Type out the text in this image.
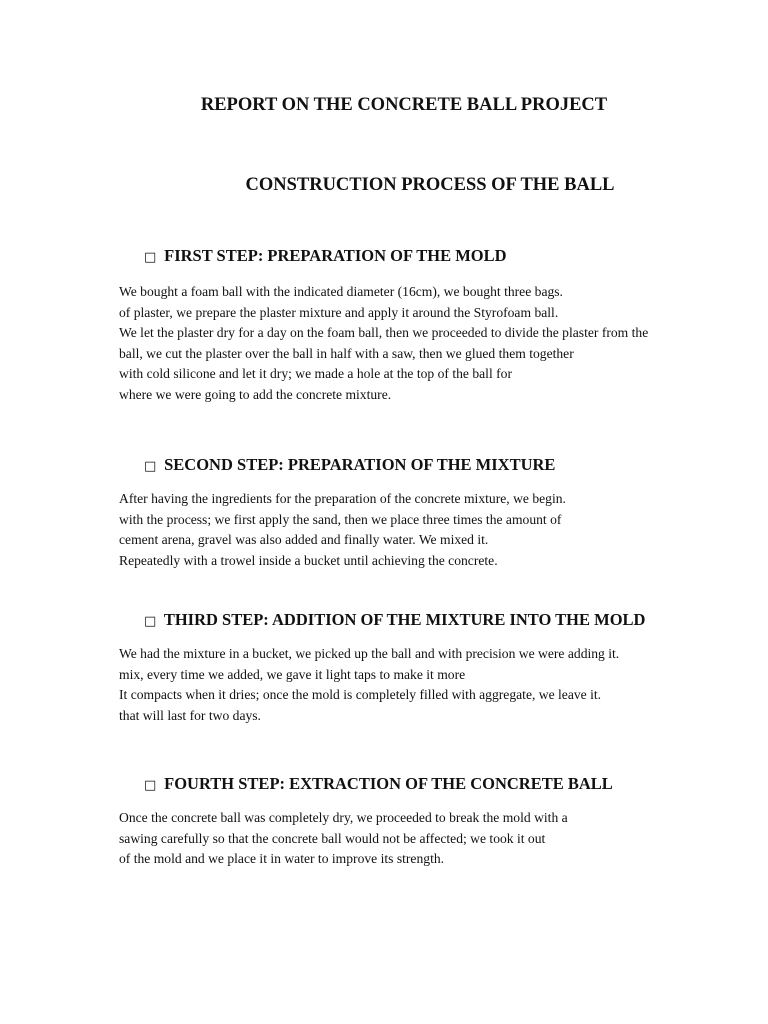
REPORT ON THE CONCRETE BALL PROJECT
CONSTRUCTION PROCESS OF THE BALL
□ FIRST STEP: PREPARATION OF THE MOLD
We bought a foam ball with the indicated diameter (16cm), we bought three bags.
of plaster, we prepare the plaster mixture and apply it around the Styrofoam ball.
We let the plaster dry for a day on the foam ball, then we proceeded to divide the plaster from the
ball, we cut the plaster over the ball in half with a saw, then we glued them together
with cold silicone and let it dry; we made a hole at the top of the ball for
where we were going to add the concrete mixture.
□ SECOND STEP: PREPARATION OF THE MIXTURE
After having the ingredients for the preparation of the concrete mixture, we begin.
with the process; we first apply the sand, then we place three times the amount of
cement arena, gravel was also added and finally water. We mixed it.
Repeatedly with a trowel inside a bucket until achieving the concrete.
□ THIRD STEP: ADDITION OF THE MIXTURE INTO THE MOLD
We had the mixture in a bucket, we picked up the ball and with precision we were adding it.
mix, every time we added, we gave it light taps to make it more
It compacts when it dries; once the mold is completely filled with aggregate, we leave it.
that will last for two days.
□ FOURTH STEP: EXTRACTION OF THE CONCRETE BALL
Once the concrete ball was completely dry, we proceeded to break the mold with a
sawing carefully so that the concrete ball would not be affected; we took it out
of the mold and we place it in water to improve its strength.
